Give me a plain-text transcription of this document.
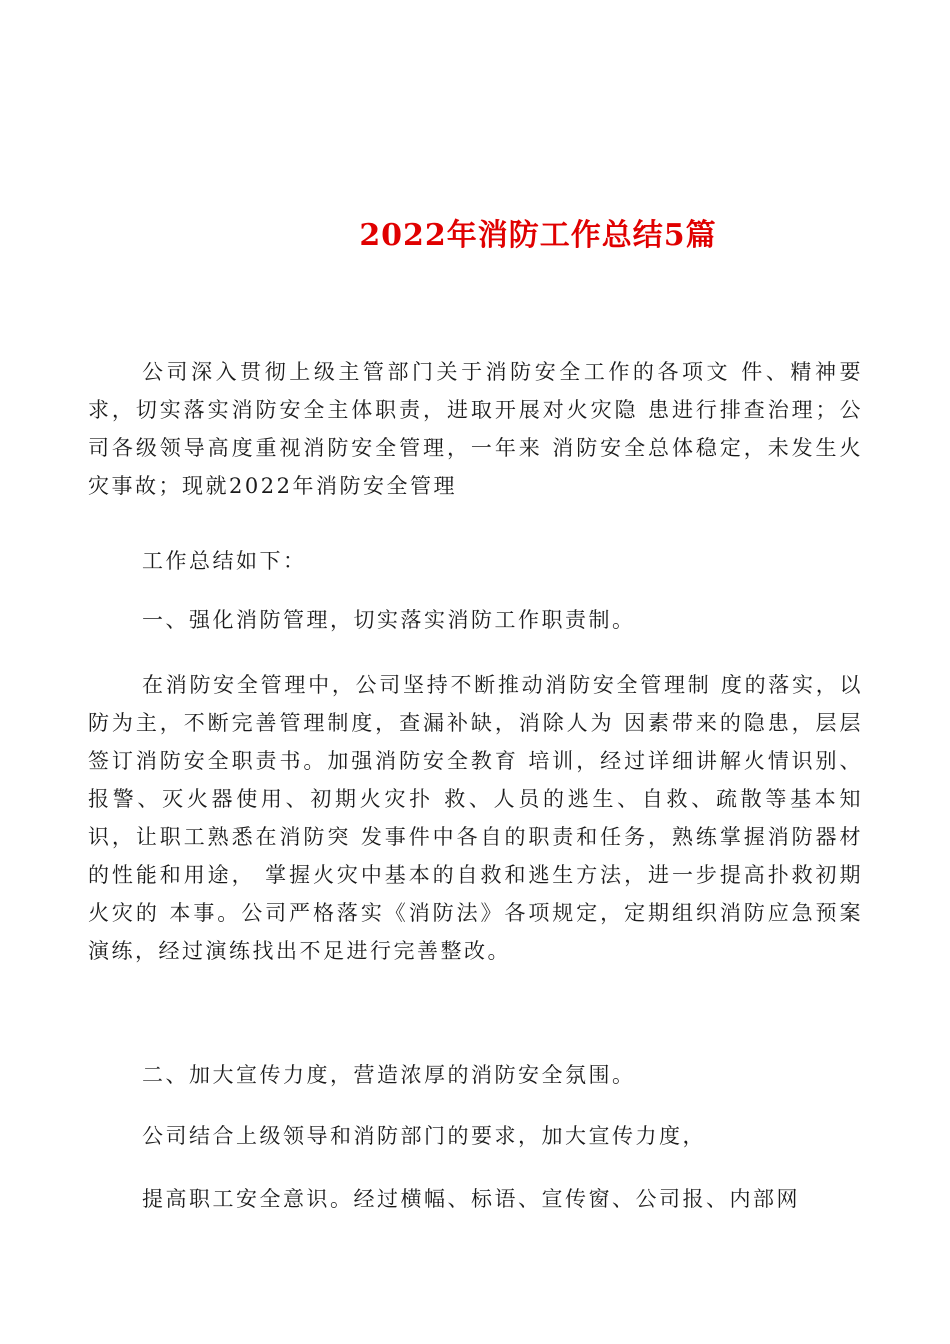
2022年消防工作总结5篇

公司深入贯彻上级主管部门关于消防安全工作的各项文 件、精神要求，切实落实消防安全主体职责，进取开展对火灾隐 患进行排查治理；公司各级领导高度重视消防安全管理，一年来 消防安全总体稳定，未发生火灾事故；现就2022年消防安全管理

工作总结如下：

一、强化消防管理，切实落实消防工作职责制。

在消防安全管理中，公司坚持不断推动消防安全管理制 度的落实，以防为主，不断完善管理制度，查漏补缺，消除人为 因素带来的隐患，层层签订消防安全职责书。加强消防安全教育 培训，经过详细讲解火情识别、报警、灭火器使用、初期火灾扑 救、人员的逃生、自救、疏散等基本知识，让职工熟悉在消防突 发事件中各自的职责和任务，熟练掌握消防器材的性能和用途， 掌握火灾中基本的自救和逃生方法，进一步提高扑救初期火灾的 本事。公司严格落实《消防法》各项规定，定期组织消防应急预案演练，经过演练找出不足进行完善整改。

二、加大宣传力度，营造浓厚的消防安全氛围。

公司结合上级领导和消防部门的要求，加大宣传力度，

提高职工安全意识。经过横幅、标语、宣传窗、公司报、内部网
